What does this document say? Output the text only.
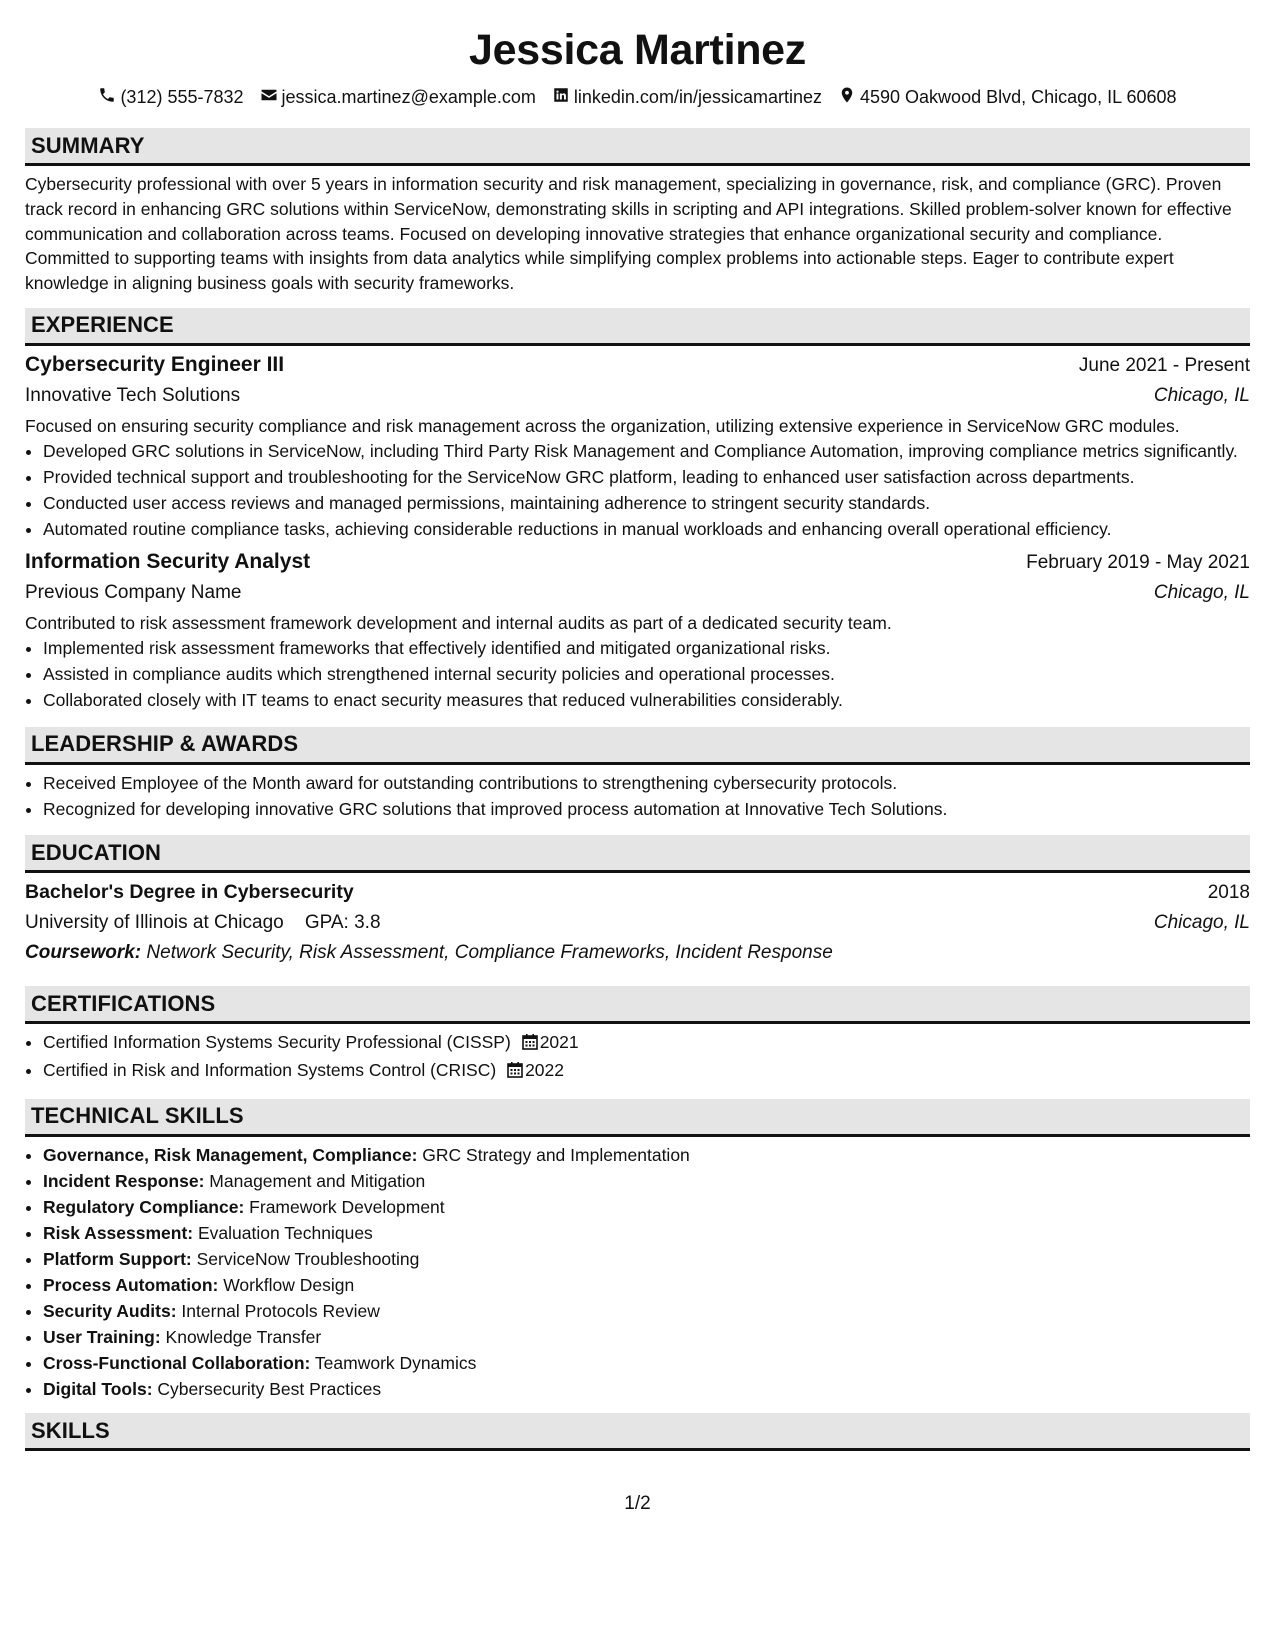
Jessica Martinez
(312) 555-7832 jessica.martinez@example.com linkedin.com/in/jessicamartinez 4590 Oakwood Blvd, Chicago, IL 60608
SUMMARY

Cybersecurity professional with over 5 years in information security and risk management, specializing in governance, risk, and compliance (GRC). Proven track record in enhancing GRC solutions within ServiceNow, demonstrating skills in scripting and API integrations. Skilled problem-solver known for effective communication and collaboration across teams. Focused on developing innovative strategies that enhance organizational security and compliance. Committed to supporting teams with insights from data analytics while simplifying complex problems into actionable steps. Eager to contribute expert knowledge in aligning business goals with security frameworks.

EXPERIENCE
Cybersecurity Engineer III	June 2021 - Present
Innovative Tech Solutions	Chicago, IL

Focused on ensuring security compliance and risk management across the organization, utilizing extensive experience in ServiceNow GRC modules.

• Developed GRC solutions in ServiceNow, including Third Party Risk Management and Compliance Automation, improving compliance metrics significantly.
• Provided technical support and troubleshooting for the ServiceNow GRC platform, leading to enhanced user satisfaction across departments.
• Conducted user access reviews and managed permissions, maintaining adherence to stringent security standards.
• Automated routine compliance tasks, achieving considerable reductions in manual workloads and enhancing overall operational efficiency.
Information Security Analyst	February 2019 - May 2021
Previous Company Name	Chicago, IL

Contributed to risk assessment framework development and internal audits as part of a dedicated security team.

• Implemented risk assessment frameworks that effectively identified and mitigated organizational risks.
• Assisted in compliance audits which strengthened internal security policies and operational processes.
• Collaborated closely with IT teams to enact security measures that reduced vulnerabilities considerably.
LEADERSHIP & AWARDS
• Received Employee of the Month award for outstanding contributions to strengthening cybersecurity protocols.
• Recognized for developing innovative GRC solutions that improved process automation at Innovative Tech Solutions.
EDUCATION
Bachelor's Degree in Cybersecurity	2018
University of Illinois at Chicago GPA: 3.8	Chicago, IL
Coursework: Network Security, Risk Assessment, Compliance Frameworks, Incident Response
CERTIFICATIONS
• Certified Information Systems Security Professional (CISSP) 2021
• Certified in Risk and Information Systems Control (CRISC) 2022
TECHNICAL SKILLS
• Governance, Risk Management, Compliance: GRC Strategy and Implementation
• Incident Response: Management and Mitigation
• Regulatory Compliance: Framework Development
• Risk Assessment: Evaluation Techniques
• Platform Support: ServiceNow Troubleshooting
• Process Automation: Workflow Design
• Security Audits: Internal Protocols Review
• User Training: Knowledge Transfer
• Cross-Functional Collaboration: Teamwork Dynamics
• Digital Tools: Cybersecurity Best Practices
SKILLS
1/2
